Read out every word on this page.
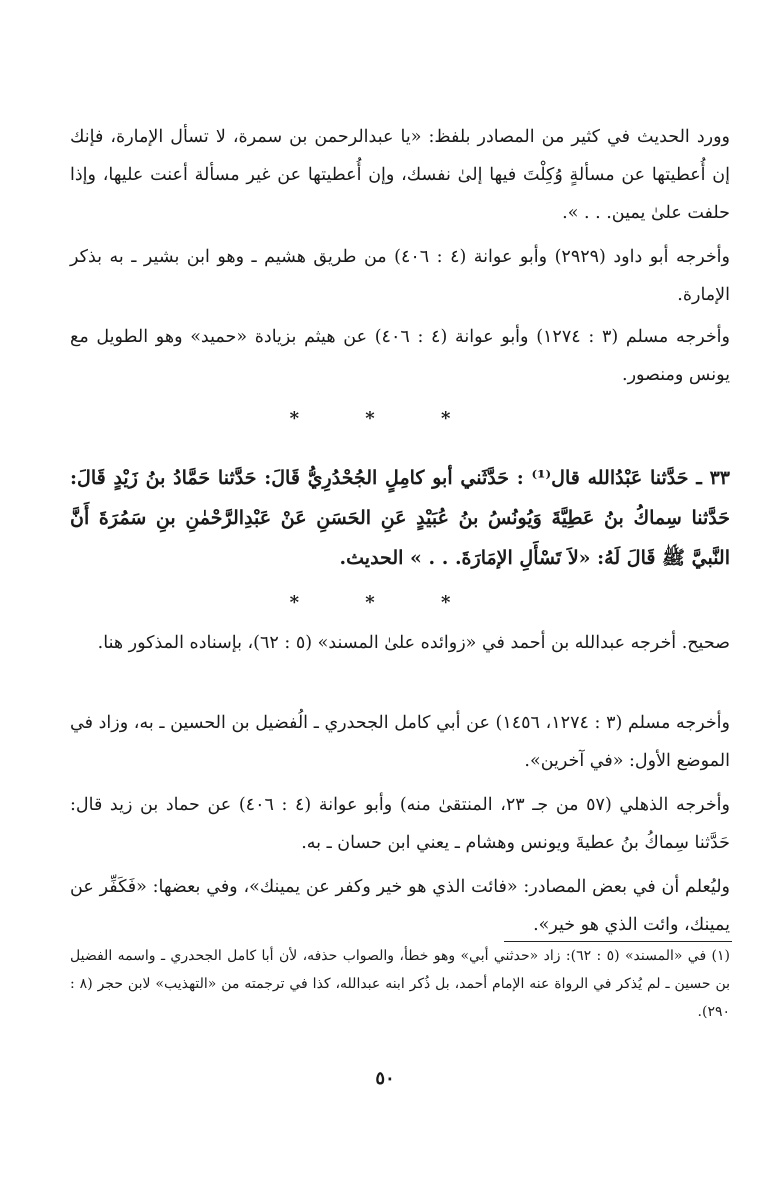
وورد الحديث في كثير من المصادر بلفظ: «يا عبدالرحمن بن سمرة، لا تسأل الإمارة، فإنك إن أُعطيتها عن مسألةٍ وُكِلْتَ فيها إلىٰ نفسك، وإن أُعطيتها عن غير مسألة أعنت عليها، وإذا حلفت علىٰ يمين. . . ».

وأخرجه أبو داود (٢٩٢٩) وأبو عوانة (٤ : ٤٠٦) من طريق هشيم ـ وهو ابن بشير ـ به بذكر الإمارة.

وأخرجه مسلم (٣ : ١٢٧٤) وأبو عوانة (٤ : ٤٠٦) عن هيثم بزيادة «حميد» وهو الطويل مع يونس ومنصور.

* * *

٣٣ ـ حَدَّثنا عَبْدُالله قال⁽¹⁾ : حَدَّثَني أبو كامِلٍ الجُحْدُرِيُّ قَالَ: حَدَّثنا حَمَّادُ بنُ زَيْدٍ قَالَ: حَدَّثنا سِماكُ بنُ عَطِيَّةَ وَيُونُسُ بنُ عُبَيْدٍ عَنِ الحَسَنِ عَنْ عَبْدِالرَّحْمٰنِ بنِ سَمُرَةَ أَنَّ النَّبيَّ ﷺ قَالَ لَهُ: «لاَ تَسْأَلِ الإمَارَةَ. . . » الحديث.

* * *

صحيح. أخرجه عبدالله بن أحمد في «زوائده علىٰ المسند» (٥ : ٦٢)، بإسناده المذكور هنا.

وأخرجه مسلم (٣ : ١٢٧٤، ١٤٥٦) عن أبي كامل الجحدري ـ الُفضيل بن الحسين ـ به، وزاد في الموضع الأول: «في آخرين».

وأخرجه الذهلي (٥٧ من جـ ٢٣، المنتقىٰ منه) وأبو عوانة (٤ : ٤٠٦) عن حماد بن زيد قال: حَدَّثنا سِماكُ بنُ عطيةَ ويونس وهشام ـ يعني ابن حسان ـ به.

وليُعلم أن في بعض المصادر: «فائت الذي هو خير وكفر عن يمينك»، وفي بعضها: «فَكَفِّر عن يمينك، وائت الذي هو خير».

(١) في «المسند» (٥ : ٦٢): زاد «حدثني أبي» وهو خطأ، والصواب حذفه، لأن أبا كامل الجحدري ـ واسمه الفضيل بن حسين ـ لم يُذكر في الرواة عنه الإمام أحمد، بل ذُكر ابنه عبدالله، كذا في ترجمته من «التهذيب» لابن حجر (٨ : ٢٩٠).

٥٠
